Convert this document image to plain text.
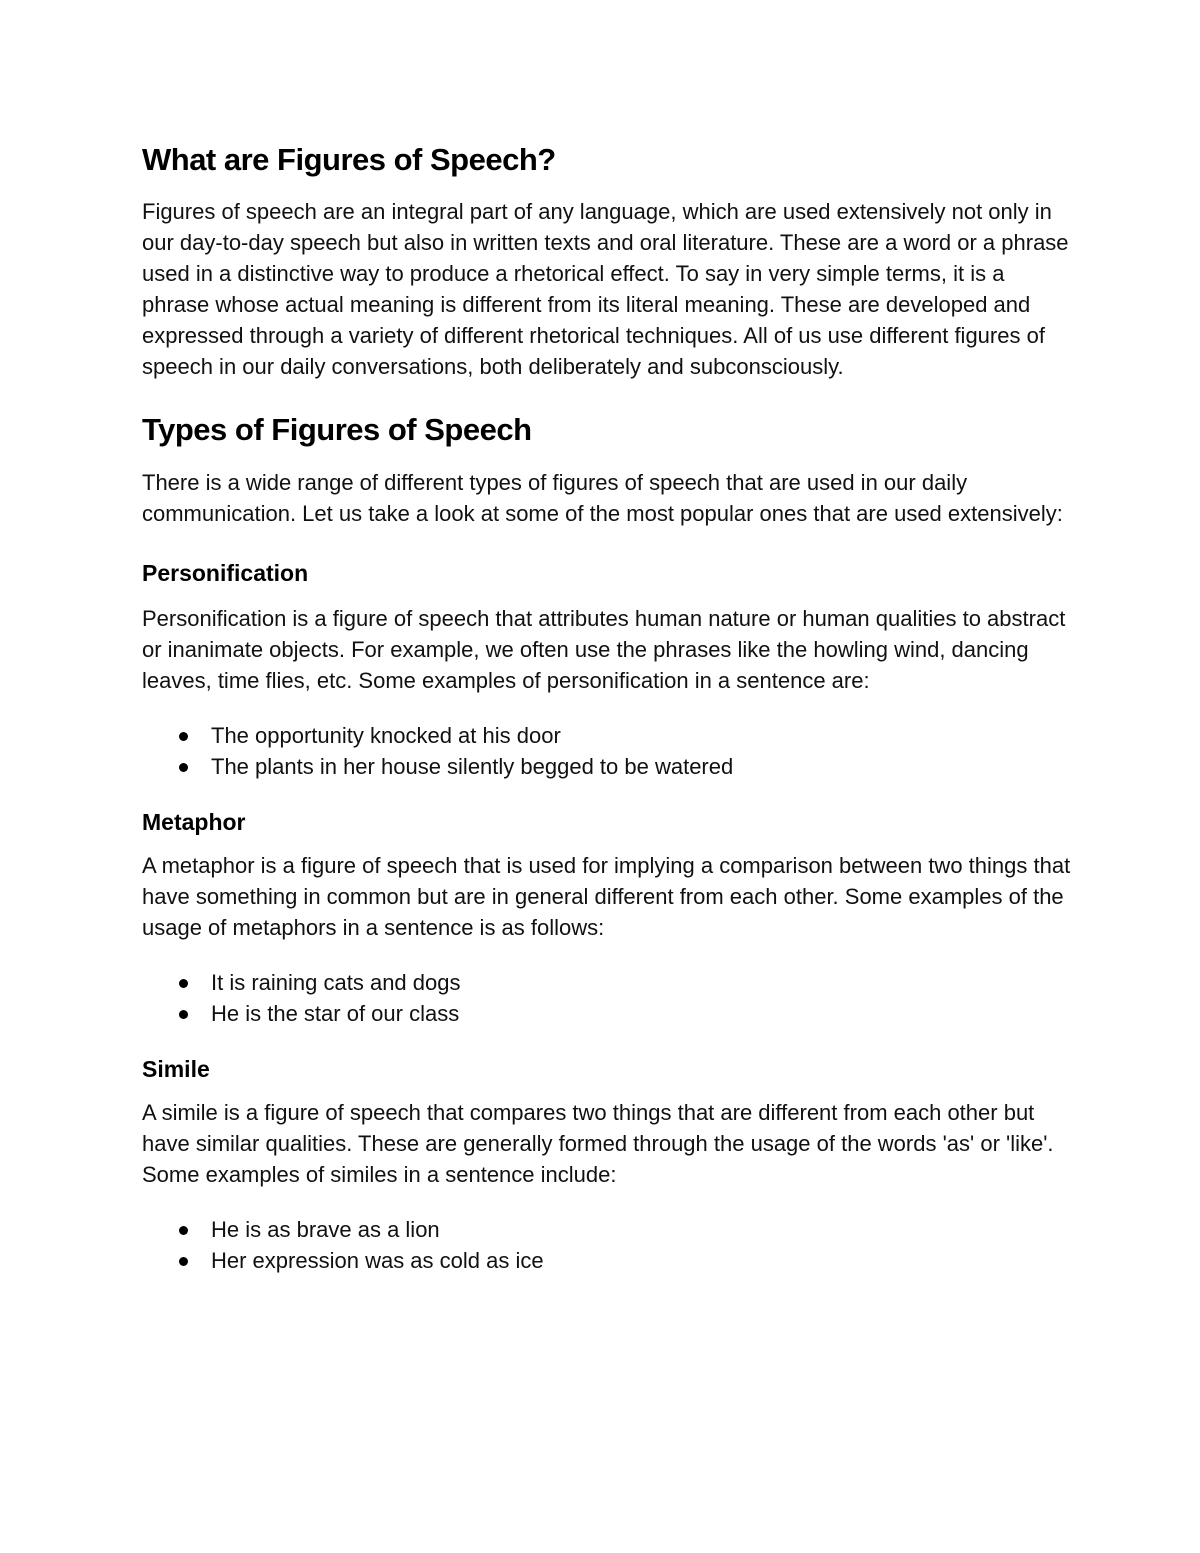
What are Figures of Speech?

Figures of speech are an integral part of any language, which are used extensively not only in our day-to-day speech but also in written texts and oral literature. These are a word or a phrase used in a distinctive way to produce a rhetorical effect. To say in very simple terms, it is a phrase whose actual meaning is different from its literal meaning. These are developed and expressed through a variety of different rhetorical techniques. All of us use different figures of speech in our daily conversations, both deliberately and subconsciously.

Types of Figures of Speech

There is a wide range of different types of figures of speech that are used in our daily communication. Let us take a look at some of the most popular ones that are used extensively:

Personification

Personification is a figure of speech that attributes human nature or human qualities to abstract or inanimate objects. For example, we often use the phrases like the howling wind, dancing leaves, time flies, etc. Some examples of personification in a sentence are:

The opportunity knocked at his door
The plants in her house silently begged to be watered
Metaphor

A metaphor is a figure of speech that is used for implying a comparison between two things that have something in common but are in general different from each other. Some examples of the usage of metaphors in a sentence is as follows:

It is raining cats and dogs
He is the star of our class
Simile

A simile is a figure of speech that compares two things that are different from each other but have similar qualities. These are generally formed through the usage of the words 'as' or 'like'. Some examples of similes in a sentence include:

He is as brave as a lion
Her expression was as cold as ice
